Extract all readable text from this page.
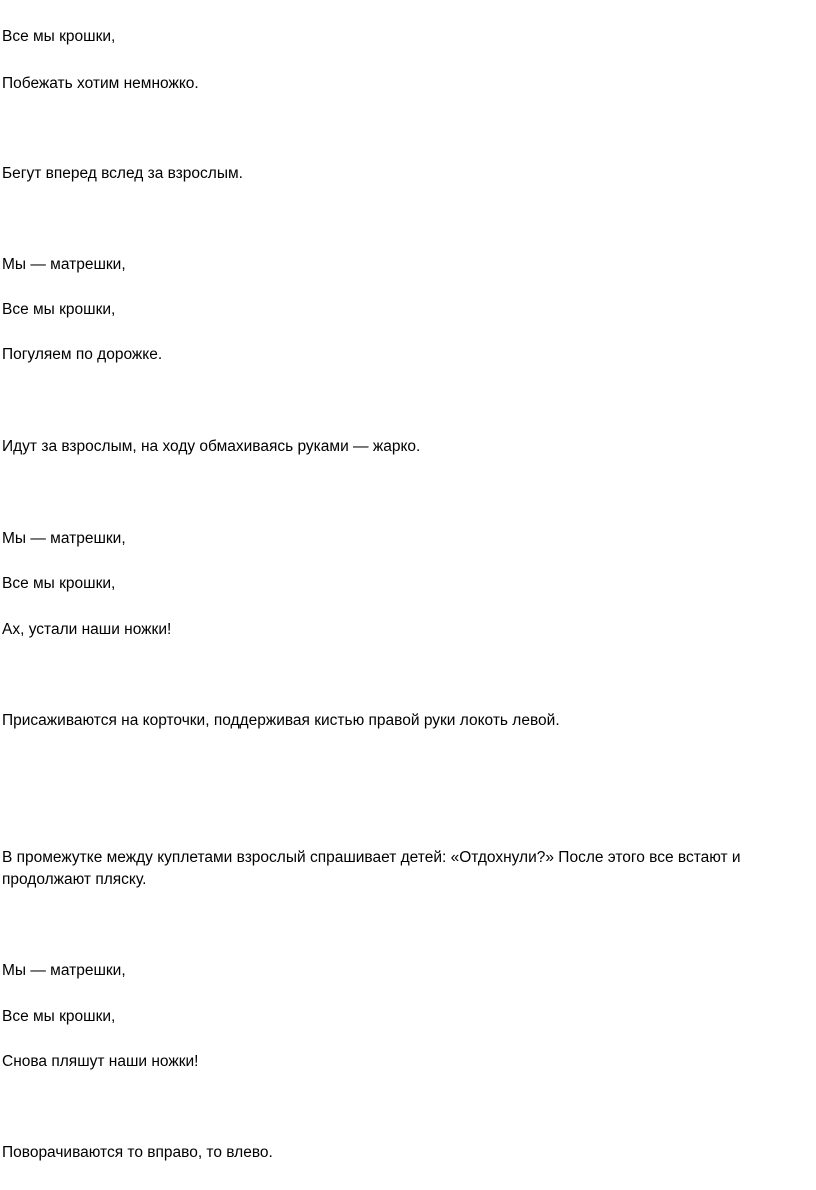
Все мы крошки,
Побежать хотим немножко.
Бегут вперед вслед за взрослым.
Мы — матрешки,
Все мы крошки,
Погуляем по дорожке.
Идут за взрослым, на ходу обмахиваясь руками — жарко.
Мы — матрешки,
Все мы крошки,
Ах, устали наши ножки!
Присаживаются на корточки, поддерживая кистью правой руки локоть левой.
В промежутке между куплетами взрослый спрашивает детей: «Отдохнули?» После этого все встают и продолжают пляску.
Мы — матрешки,
Все мы крошки,
Снова пляшут наши ножки!
Поворачиваются то вправо, то влево.
